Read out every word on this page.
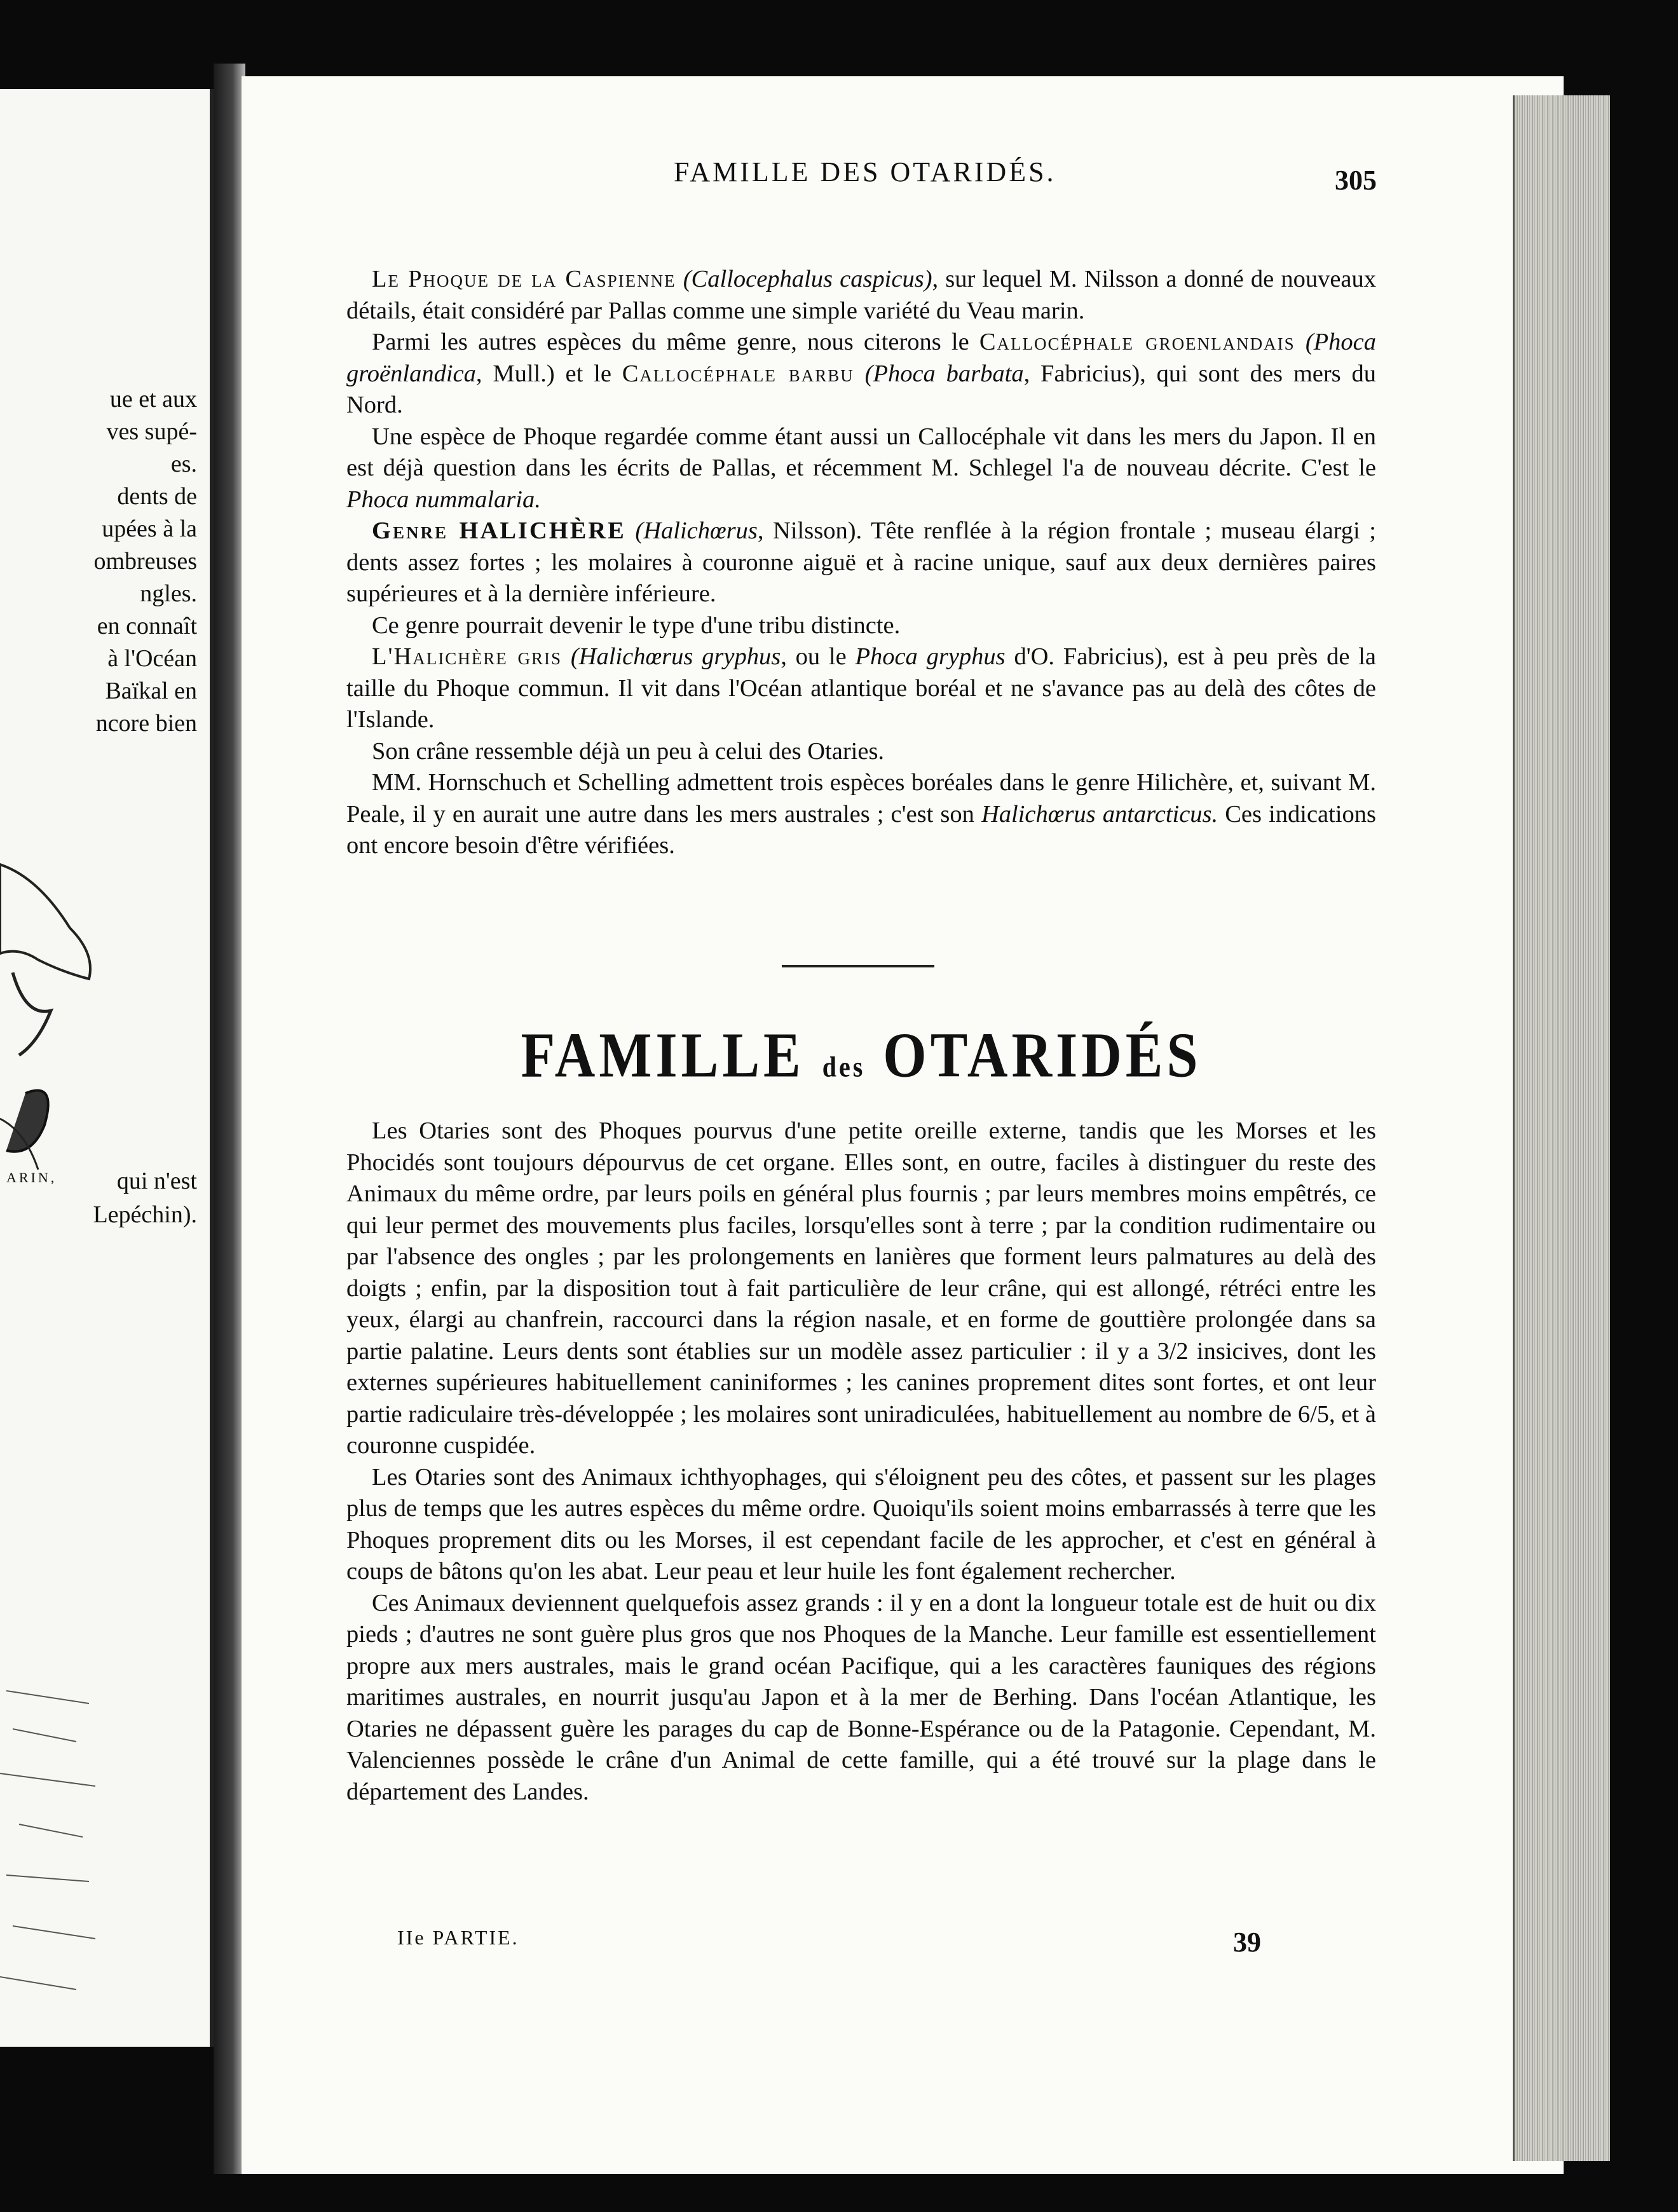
ue et aux
ves supé-
es.
dents de
upées à la
ombreuses
ngles.
en connaît
à l'Océan
Baïkal en
ncore bien
ARIN, qui n'est
Lepéchin).
FAMILLE DES OTARIDÉS.	305

Le Phoque de la Caspienne (Callocephalus caspicus), sur lequel M. Nilsson a donné de nouveaux détails, était considéré par Pallas comme une simple variété du Veau marin.

Parmi les autres espèces du même genre, nous citerons le Callocéphale groenlandais (Phoca groënlandica, Mull.) et le Callocéphale barbu (Phoca barbata, Fabricius), qui sont des mers du Nord.

Une espèce de Phoque regardée comme étant aussi un Callocéphale vit dans les mers du Japon. Il en est déjà question dans les écrits de Pallas, et récemment M. Schlegel l'a de nouveau décrite. C'est le Phoca nummalaria.

Genre HALICHÈRE (Halichœrus, Nilsson). Tête renflée à la région frontale ; museau élargi ; dents assez fortes ; les molaires à couronne aiguë et à racine unique, sauf aux deux dernières paires supérieures et à la dernière inférieure.

Ce genre pourrait devenir le type d'une tribu distincte.

L'Halichère gris (Halichœrus gryphus, ou le Phoca gryphus d'O. Fabricius), est à peu près de la taille du Phoque commun. Il vit dans l'Océan atlantique boréal et ne s'avance pas au delà des côtes de l'Islande.

Son crâne ressemble déjà un peu à celui des Otaries.

MM. Hornschuch et Schelling admettent trois espèces boréales dans le genre Hilichère, et, suivant M. Peale, il y en aurait une autre dans les mers australes ; c'est son Halichœrus antarcticus. Ces indications ont encore besoin d'être vérifiées.

FAMILLE des OTARIDÉS

Les Otaries sont des Phoques pourvus d'une petite oreille externe, tandis que les Morses et les Phocidés sont toujours dépourvus de cet organe. Elles sont, en outre, faciles à distinguer du reste des Animaux du même ordre, par leurs poils en général plus fournis ; par leurs membres moins empêtrés, ce qui leur permet des mouvements plus faciles, lorsqu'elles sont à terre ; par la condition rudimentaire ou par l'absence des ongles ; par les prolongements en lanières que forment leurs palmatures au delà des doigts ; enfin, par la disposition tout à fait particulière de leur crâne, qui est allongé, rétréci entre les yeux, élargi au chanfrein, raccourci dans la région nasale, et en forme de gouttière prolongée dans sa partie palatine. Leurs dents sont établies sur un modèle assez particulier : il y a 3/2 insicives, dont les externes supérieures habituellement caniniformes ; les canines proprement dites sont fortes, et ont leur partie radiculaire très-développée ; les molaires sont uniradiculées, habituellement au nombre de 6/5, et à couronne cuspidée.

Les Otaries sont des Animaux ichthyophages, qui s'éloignent peu des côtes, et passent sur les plages plus de temps que les autres espèces du même ordre. Quoiqu'ils soient moins embarrassés à terre que les Phoques proprement dits ou les Morses, il est cependant facile de les approcher, et c'est en général à coups de bâtons qu'on les abat. Leur peau et leur huile les font également rechercher.

Ces Animaux deviennent quelquefois assez grands : il y en a dont la longueur totale est de huit ou dix pieds ; d'autres ne sont guère plus gros que nos Phoques de la Manche. Leur famille est essentiellement propre aux mers australes, mais le grand océan Pacifique, qui a les caractères fauniques des régions maritimes australes, en nourrit jusqu'au Japon et à la mer de Berhing. Dans l'océan Atlantique, les Otaries ne dépassent guère les parages du cap de Bonne-Espérance ou de la Patagonie. Cependant, M. Valenciennes possède le crâne d'un Animal de cette famille, qui a été trouvé sur la plage dans le département des Landes.

IIe PARTIE.	39
